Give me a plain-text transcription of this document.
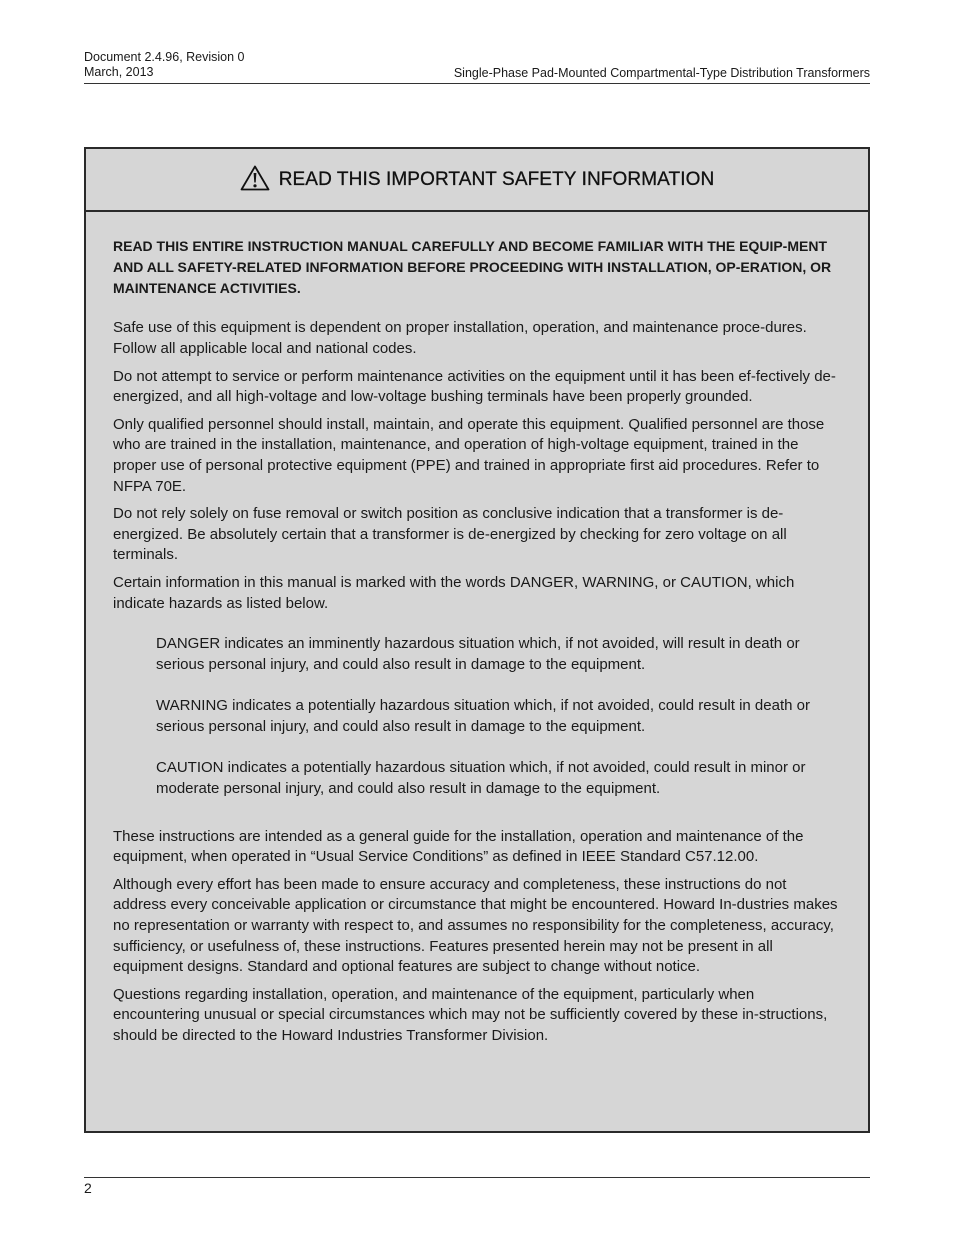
Document 2.4.96, Revision 0
March, 2013	Single-Phase Pad-Mounted Compartmental-Type Distribution Transformers
READ THIS IMPORTANT SAFETY INFORMATION

READ THIS ENTIRE INSTRUCTION MANUAL CAREFULLY AND BECOME FAMILIAR WITH THE EQUIP-MENT AND ALL SAFETY-RELATED INFORMATION BEFORE PROCEEDING WITH INSTALLATION, OP-ERATION, OR MAINTENANCE ACTIVITIES.

Safe use of this equipment is dependent on proper installation, operation, and maintenance proce-dures. Follow all applicable local and national codes.

Do not attempt to service or perform maintenance activities on the equipment until it has been ef-fectively de-energized, and all high-voltage and low-voltage bushing terminals have been properly grounded.

Only qualified personnel should install, maintain, and operate this equipment. Qualified personnel are those who are trained in the installation, maintenance, and operation of high-voltage equipment, trained in the proper use of personal protective equipment (PPE) and trained in appropriate first aid procedures. Refer to NFPA 70E.

Do not rely solely on fuse removal or switch position as conclusive indication that a transformer is de-energized. Be absolutely certain that a transformer is de-energized by checking for zero voltage on all terminals.

Certain information in this manual is marked with the words DANGER, WARNING, or CAUTION, which indicate hazards as listed below.

DANGER indicates an imminently hazardous situation which, if not avoided, will result in death or serious personal injury, and could also result in damage to the equipment.

WARNING indicates a potentially hazardous situation which, if not avoided, could result in death or serious personal injury, and could also result in damage to the equipment.

CAUTION indicates a potentially hazardous situation which, if not avoided, could result in minor or moderate personal injury, and could also result in damage to the equipment.

These instructions are intended as a general guide for the installation, operation and maintenance of the equipment, when operated in “Usual Service Conditions” as defined in IEEE Standard C57.12.00.

Although every effort has been made to ensure accuracy and completeness, these instructions do not address every conceivable application or circumstance that might be encountered. Howard In-dustries makes no representation or warranty with respect to, and assumes no responsibility for the completeness, accuracy, sufficiency, or usefulness of, these instructions. Features presented herein may not be present in all equipment designs. Standard and optional features are subject to change without notice.

Questions regarding installation, operation, and maintenance of the equipment, particularly when encountering unusual or special circumstances which may not be sufficiently covered by these in-structions, should be directed to the Howard Industries Transformer Division.

2
